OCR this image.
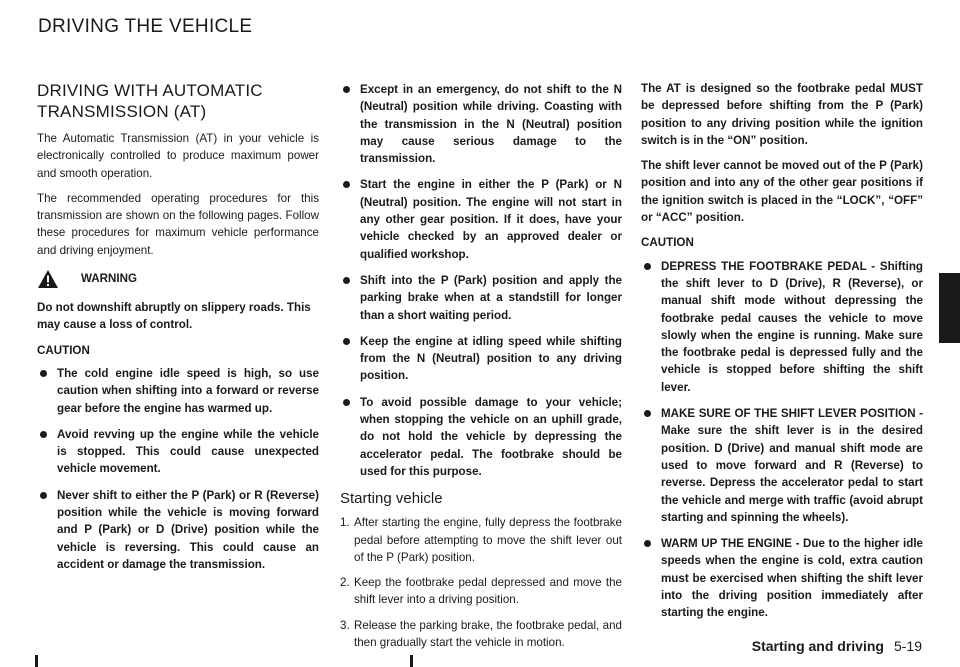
DRIVING THE VEHICLE
DRIVING WITH AUTOMATIC
TRANSMISSION (AT)

The Automatic Transmission (AT) in your vehicle is electronically controlled to produce maximum power and smooth operation.

The recommended operating procedures for this transmission are shown on the following pages. Follow these procedures for maximum vehicle performance and driving enjoyment.

WARNING

Do not downshift abruptly on slippery roads. This may cause a loss of control.

CAUTION
The cold engine idle speed is high, so use caution when shifting into a forward or reverse gear before the engine has warmed up.
Avoid revving up the engine while the vehicle is stopped. This could cause unexpected vehicle movement.
Never shift to either the P (Park) or R (Reverse) position while the vehicle is moving forward and P (Park) or D (Drive) position while the vehicle is reversing. This could cause an accident or damage the transmission.
Except in an emergency, do not shift to the N (Neutral) position while driving. Coasting with the transmission in the N (Neutral) position may cause serious damage to the transmission.
Start the engine in either the P (Park) or N (Neutral) position. The engine will not start in any other gear position. If it does, have your vehicle checked by an approved dealer or qualified workshop.
Shift into the P (Park) position and apply the parking brake when at a standstill for longer than a short waiting period.
Keep the engine at idling speed while shifting from the N (Neutral) position to any driving position.
To avoid possible damage to your vehicle; when stopping the vehicle on an uphill grade, do not hold the vehicle by depressing the accelerator pedal. The footbrake should be used for this purpose.
Starting vehicle
1. After starting the engine, fully depress the footbrake pedal before attempting to move the shift lever out of the P (Park) position.
2. Keep the footbrake pedal depressed and move the shift lever into a driving position.
3. Release the parking brake, the footbrake pedal, and then gradually start the vehicle in motion.

The AT is designed so the footbrake pedal MUST be depressed before shifting from the P (Park) position to any driving position while the ignition switch is in the “ON” position.

The shift lever cannot be moved out of the P (Park) position and into any of the other gear positions if the ignition switch is placed in the “LOCK”, “OFF” or “ACC” position.

CAUTION
DEPRESS THE FOOTBRAKE PEDAL - Shifting the shift lever to D (Drive), R (Reverse), or manual shift mode without depressing the footbrake pedal causes the vehicle to move slowly when the engine is running. Make sure the footbrake pedal is depressed fully and the vehicle is stopped before shifting the shift lever.
MAKE SURE OF THE SHIFT LEVER POSITION - Make sure the shift lever is in the desired position. D (Drive) and manual shift mode are used to move forward and R (Reverse) to reverse. Depress the accelerator pedal to start the vehicle and merge with traffic (avoid abrupt starting and spinning the wheels).
WARM UP THE ENGINE - Due to the higher idle speeds when the engine is cold, extra caution must be exercised when shifting the shift lever into the driving position immediately after starting the engine.
Starting and driving 5-19
